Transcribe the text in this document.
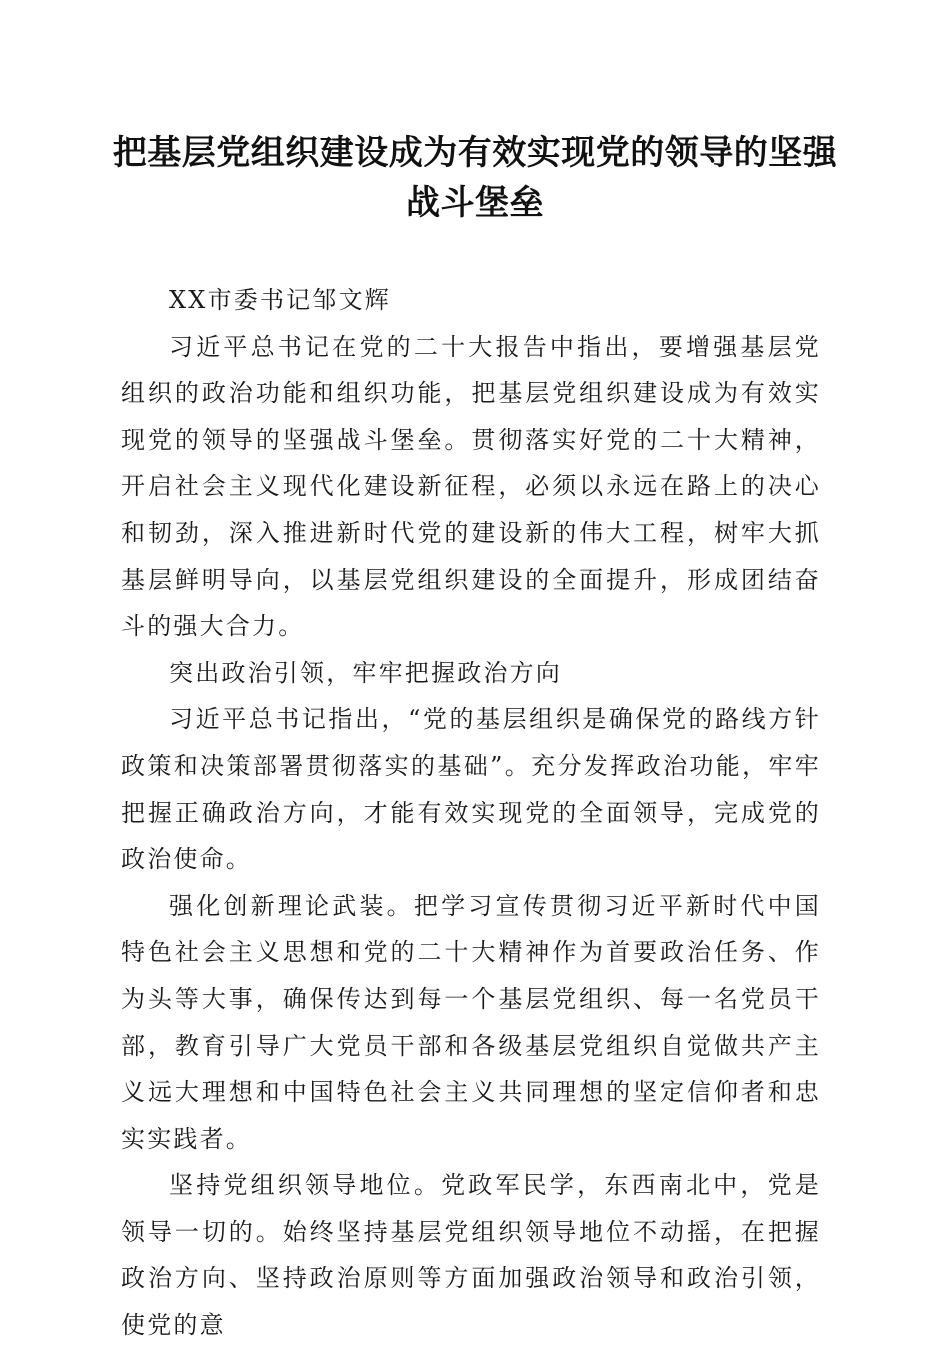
把基层党组织建设成为有效实现党的领导的坚强战斗堡垒

XX市委书记邹文辉

习近平总书记在党的二十大报告中指出，要增强基层党组织的政治功能和组织功能，把基层党组织建设成为有效实现党的领导的坚强战斗堡垒。贯彻落实好党的二十大精神，开启社会主义现代化建设新征程，必须以永远在路上的决心和韧劲，深入推进新时代党的建设新的伟大工程，树牢大抓基层鲜明导向，以基层党组织建设的全面提升，形成团结奋斗的强大合力。

突出政治引领，牢牢把握政治方向

习近平总书记指出，“党的基层组织是确保党的路线方针政策和决策部署贯彻落实的基础”。充分发挥政治功能，牢牢把握正确政治方向，才能有效实现党的全面领导，完成党的政治使命。

强化创新理论武装。把学习宣传贯彻习近平新时代中国特色社会主义思想和党的二十大精神作为首要政治任务、作为头等大事，确保传达到每一个基层党组织、每一名党员干部，教育引导广大党员干部和各级基层党组织自觉做共产主义远大理想和中国特色社会主义共同理想的坚定信仰者和忠实实践者。

坚持党组织领导地位。党政军民学，东西南北中，党是领导一切的。始终坚持基层党组织领导地位不动摇，在把握政治方向、坚持政治原则等方面加强政治领导和政治引领，使党的意
